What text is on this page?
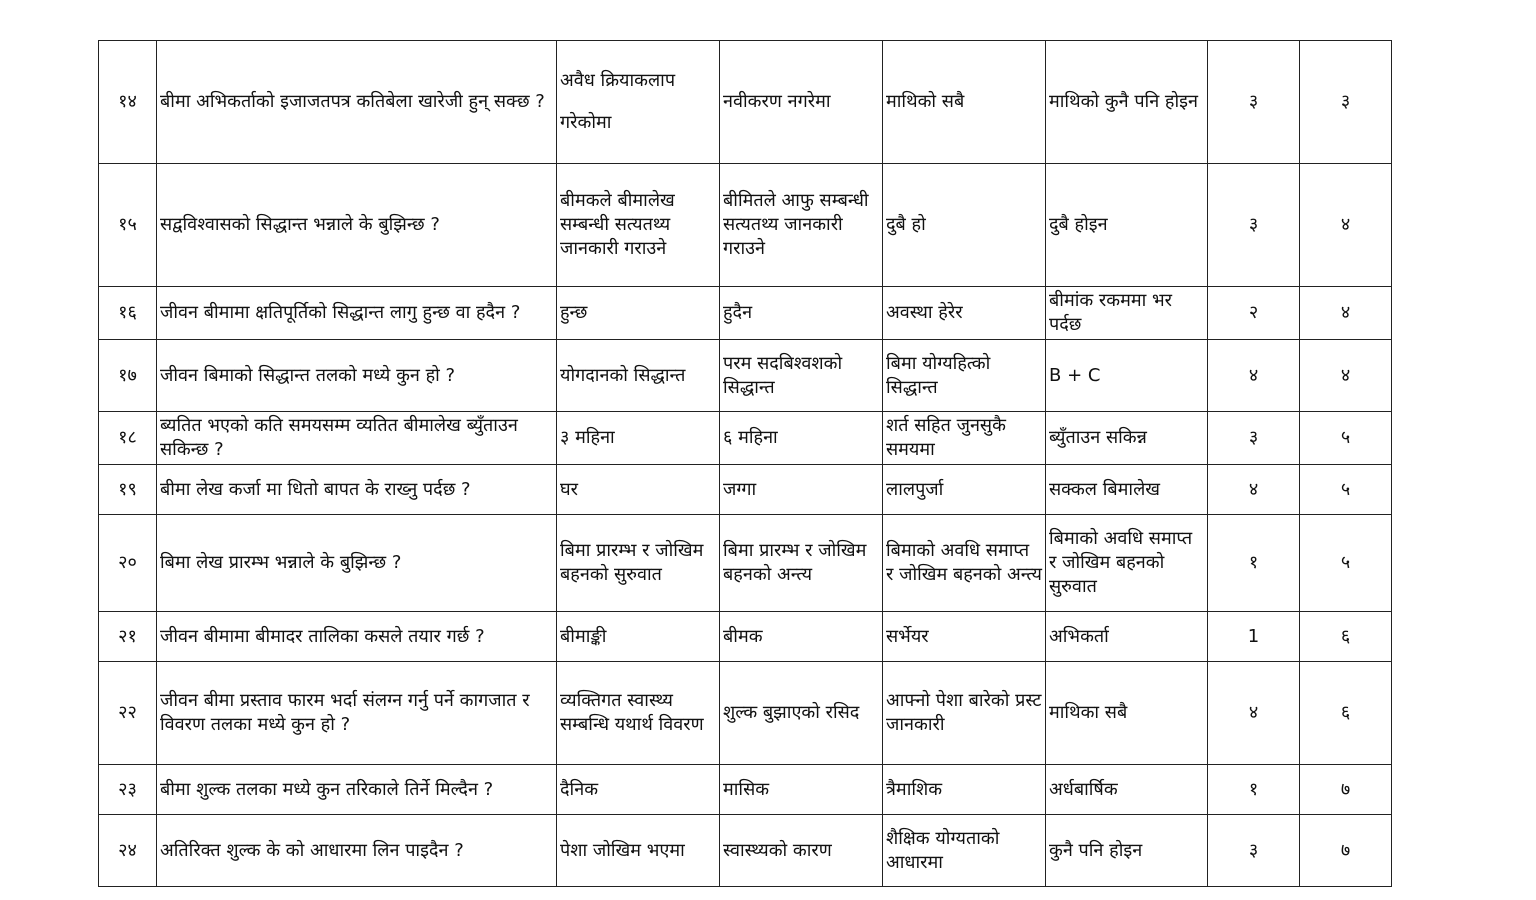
१४	बीमा अभिकर्ताको इजाजतपत्र कतिबेला खारेजी हुन् सक्छ ?	अवैध क्रियाकलाप गरेकोमा	नवीकरण नगरेमा	माथिको सबै	माथिको कुनै पनि होइन	३	३
१५	सद्वविश्वासको सिद्धान्त भन्नाले के बुझिन्छ ?	बीमकले बीमालेख सम्बन्धी सत्यतथ्य जानकारी गराउने	बीमितले आफु सम्बन्धी सत्यतथ्य जानकारी गराउने	दुबै हो	दुबै होइन	३	४
१६	जीवन बीमामा क्षतिपूर्तिको सिद्धान्त लागु हुन्छ वा हदैन ?	हुन्छ	हुदैन	अवस्था हेरेर	बीमांक रकममा भर पर्दछ	२	४
१७	जीवन बिमाको सिद्धान्त तलको मध्ये कुन हो ?	योगदानको सिद्धान्त	परम सदबिश्वशको सिद्धान्त	बिमा योग्यहित्को सिद्धान्त	B + C	४	४
१८	ब्यतित भएको कति समयसम्म व्यतित बीमालेख ब्युँताउन सकिन्छ ?	३ महिना	६ महिना	शर्त सहित जुनसुकै समयमा	ब्युँताउन सकिन्न	३	५
१९	बीमा लेख कर्जा मा धितो बापत के राख्नु पर्दछ ?	घर	जग्गा	लालपुर्जा	सक्कल बिमालेख	४	५
२०	बिमा लेख प्रारम्भ भन्नाले के बुझिन्छ ?	बिमा प्रारम्भ र जोखिम बहनको सुरुवात	बिमा प्रारम्भ र जोखिम बहनको अन्त्य	बिमाको अवधि समाप्त र जोखिम बहनको अन्त्य	बिमाको अवधि समाप्त र जोखिम बहनको सुरुवात	१	५
२१	जीवन बीमामा बीमादर तालिका कसले तयार गर्छ ?	बीमाङ्की	बीमक	सर्भेयर	अभिकर्ता	1	६
२२	जीवन बीमा प्रस्ताव फारम भर्दा संलग्न गर्नु पर्ने कागजात र विवरण तलका मध्ये कुन हो ?	व्यक्तिगत स्वास्थ्य सम्बन्धि यथार्थ विवरण	शुल्क बुझाएको रसिद	आफ्नो पेशा बारेको प्रस्ट जानकारी	माथिका सबै	४	६
२३	बीमा शुल्क तलका मध्ये कुन तरिकाले तिर्ने मिल्दैन ?	दैनिक	मासिक	त्रैमाशिक	अर्धबार्षिक	१	७
२४	अतिरिक्त शुल्क के को आधारमा लिन पाइदैन ?	पेशा जोखिम भएमा	स्वास्थ्यको कारण	शैक्षिक योग्यताको आधारमा	कुनै पनि होइन	३	७
